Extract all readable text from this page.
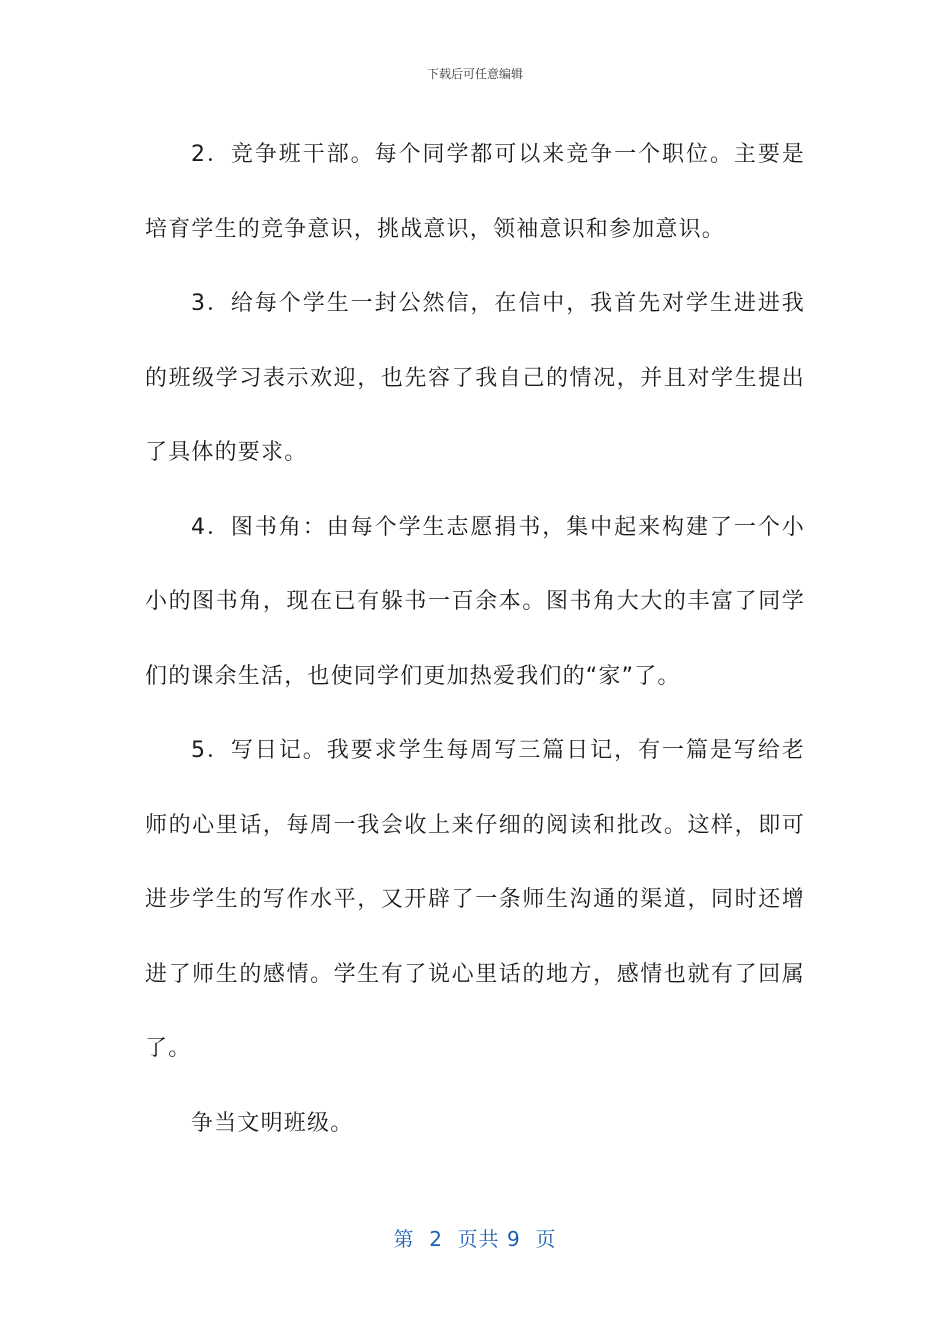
下载后可任意编辑

2．竞争班干部。每个同学都可以来竞争一个职位。主要是培育学生的竞争意识，挑战意识，领袖意识和参加意识。

3．给每个学生一封公然信，在信中，我首先对学生进进我的班级学习表示欢迎，也先容了我自己的情况，并且对学生提出了具体的要求。

4．图书角：由每个学生志愿捐书，集中起来构建了一个小小的图书角，现在已有躲书一百余本。图书角大大的丰富了同学们的课余生活，也使同学们更加热爱我们的“家”了。

5．写日记。我要求学生每周写三篇日记，有一篇是写给老师的心里话，每周一我会收上来仔细的阅读和批改。这样，即可进步学生的写作水平，又开辟了一条师生沟通的渠道，同时还增进了师生的感情。学生有了说心里话的地方，感情也就有了回属了。

争当文明班级。

第  2  页共 9  页
